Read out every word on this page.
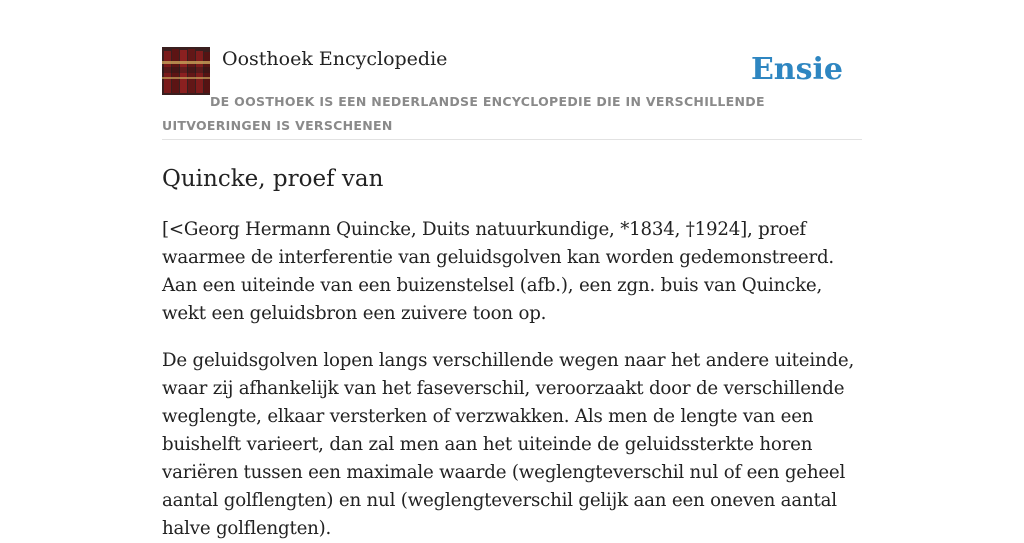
Oosthoek Encyclopedie	Ensie
DE OOSTHOEK IS EEN NEDERLANDSE ENCYCLOPEDIE DIE IN VERSCHILLENDE UITVOERINGEN IS VERSCHENEN
Quincke, proef van

[<Georg Hermann Quincke, Duits natuurkundige, *1834, †1924], proef waarmee de interferentie van geluidsgolven kan worden gedemonstreerd. Aan een uiteinde van een buizenstelsel (afb.), een zgn. buis van Quincke, wekt een geluidsbron een zuivere toon op.

De geluidsgolven lopen langs verschillende wegen naar het andere uiteinde, waar zij afhankelijk van het faseverschil, veroorzaakt door de verschillende weglengte, elkaar versterken of verzwakken. Als men de lengte van een buishelft varieert, dan zal men aan het uiteinde de geluidssterkte horen variëren tussen een maximale waarde (weglengteverschil nul of een geheel aantal golflengten) en nul (weglengteverschil gelijk aan een oneven aantal halve golflengten).
